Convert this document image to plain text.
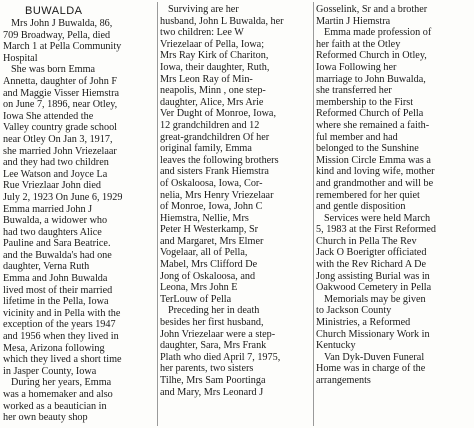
BUWALDA
Mrs John J Buwalda, 86,
709 Broadway, Pella, died
March 1 at Pella Community
Hospital
She was born Emma
Annetta, daughter of John F
and Maggie Visser Hiemstra
on June 7, 1896, near Otley,
Iowa She attended the
Valley country grade school
near Otley On Jan 3, 1917,
she married John Vriezelaar
and they had two children
Lee Watson and Joyce La
Rue Vriezlaar John died
July 2, 1923 On June 6, 1929
Emma married John J
Buwalda, a widower who
had two daughters Alice
Pauline and Sara Beatrice.
and the Buwalda's had one
daughter, Verna Ruth
Emma and John Buwalda
lived most of their married
lifetime in the Pella, Iowa
vicinity and in Pella with the
exception of the years 1947
and 1956 when they lived in
Mesa, Arizona following
which they lived a short time
in Jasper County, Iowa
During her years, Emma
was a homemaker and also
worked as a beautician in
her own beauty shop
Surviving are her
husband, John L Buwalda, her
two children: Lee W
Vriezelaar of Pella, Iowa;
Mrs Ray Kirk of Chariton,
Iowa, their daughter, Ruth,
Mrs Leon Ray of Min-
neapolis, Minn , one step-
daughter, Alice, Mrs Arie
Ver Dught of Monroe, Iowa,
12 grandchildren and 12
great-grandchildren Of her
original family, Emma
leaves the following brothers
and sisters Frank Hiemstra
of Oskaloosa, Iowa, Cor-
nelia, Mrs Henry Vriezelaar
of Monroe, Iowa, John C
Hiemstra, Nellie, Mrs
Peter H Westerkamp, Sr
and Margaret, Mrs Elmer
Vogelaar, all of Pella,
Mabel, Mrs Clifford De
Jong of Oskaloosa, and
Leona, Mrs John E
TerLouw of Pella
Preceding her in death
besides her first husband,
John Vriezelaar were a step-
daughter, Sara, Mrs Frank
Plath who died April 7, 1975,
her parents, two sisters
Tilhe, Mrs Sam Poortinga
and Mary, Mrs Leonard J
Gosselink, Sr and a brother
Martin J Hiemstra
Emma made profession of
her faith at the Otley
Reformed Church in Otley,
Iowa Following her
marriage to John Buwalda,
she transferred her
membership to the First
Reformed Church of Pella
where she remained a faith-
ful member and had
belonged to the Sunshine
Mission Circle Emma was a
kind and loving wife, mother
and grandmother and will be
remembered for her quiet
and gentle disposition
Services were held March
5, 1983 at the First Reformed
Church in Pella The Rev
Jack O Boerigter officiated
with the Rev Richard A De
Jong assisting Burial was in
Oakwood Cemetery in Pella
Memorials may be given
to Jackson County
Ministries, a Reformed
Church Missionary Work in
Kentucky
Van Dyk-Duven Funeral
Home was in charge of the
arrangements
